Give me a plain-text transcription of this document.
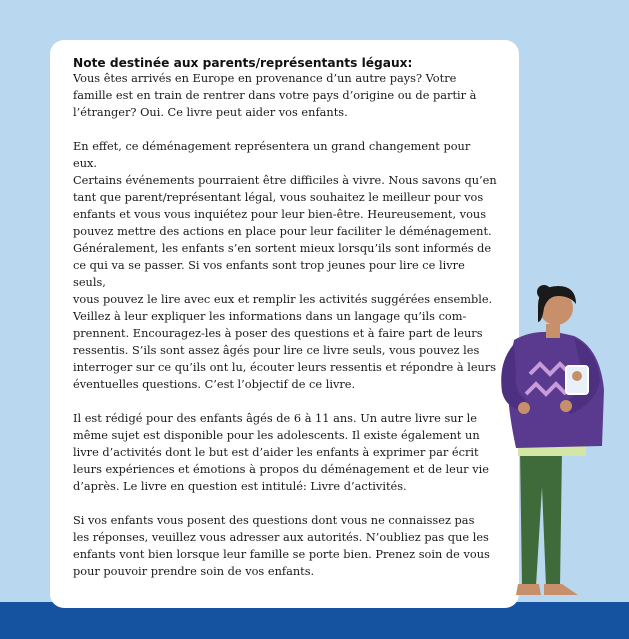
Note destinée aux parents/représentants légaux:

Vous êtes arrivés en Europe en provenance d’un autre pays? Votre
famille est en train de rentrer dans votre pays d’origine ou de partir à
l’étranger? Oui. Ce livre peut aider vos enfants.

En effet, ce déménagement représentera un grand changement pour eux.
Certains événements pourraient être difficiles à vivre. Nous savons qu’en
tant que parent/représentant légal, vous souhaitez le meilleur pour vos
enfants et vous vous inquiétez pour leur bien-être. Heureusement, vous
pouvez mettre des actions en place pour leur faciliter le déménagement.
Généralement, les enfants s’en sortent mieux lorsqu’ils sont informés de
ce qui va se passer. Si vos enfants sont trop jeunes pour lire ce livre seuls,
vous pouvez le lire avec eux et remplir les activités suggérées ensemble.
Veillez à leur expliquer les informations dans un langage qu’ils com-
prennent. Encouragez-les à poser des questions et à faire part de leurs
ressentis. S’ils sont assez âgés pour lire ce livre seuls, vous pouvez les
interroger sur ce qu’ils ont lu, écouter leurs ressentis et répondre à leurs
éventuelles questions. C’est l’objectif de ce livre.

Il est rédigé pour des enfants âgés de 6 à 11 ans. Un autre livre sur le
même sujet est disponible pour les adolescents. Il existe également un
livre d’activités dont le but est d’aider les enfants à exprimer par écrit
leurs expériences et émotions à propos du déménagement et de leur vie
d’après. Le livre en question est intitulé: Livre d’activités.

Si vos enfants vous posent des questions dont vous ne connaissez pas
les réponses, veuillez vous adresser aux autorités. N’oubliez pas que les
enfants vont bien lorsque leur famille se porte bien. Prenez soin de vous
pour pouvoir prendre soin de vos enfants.
